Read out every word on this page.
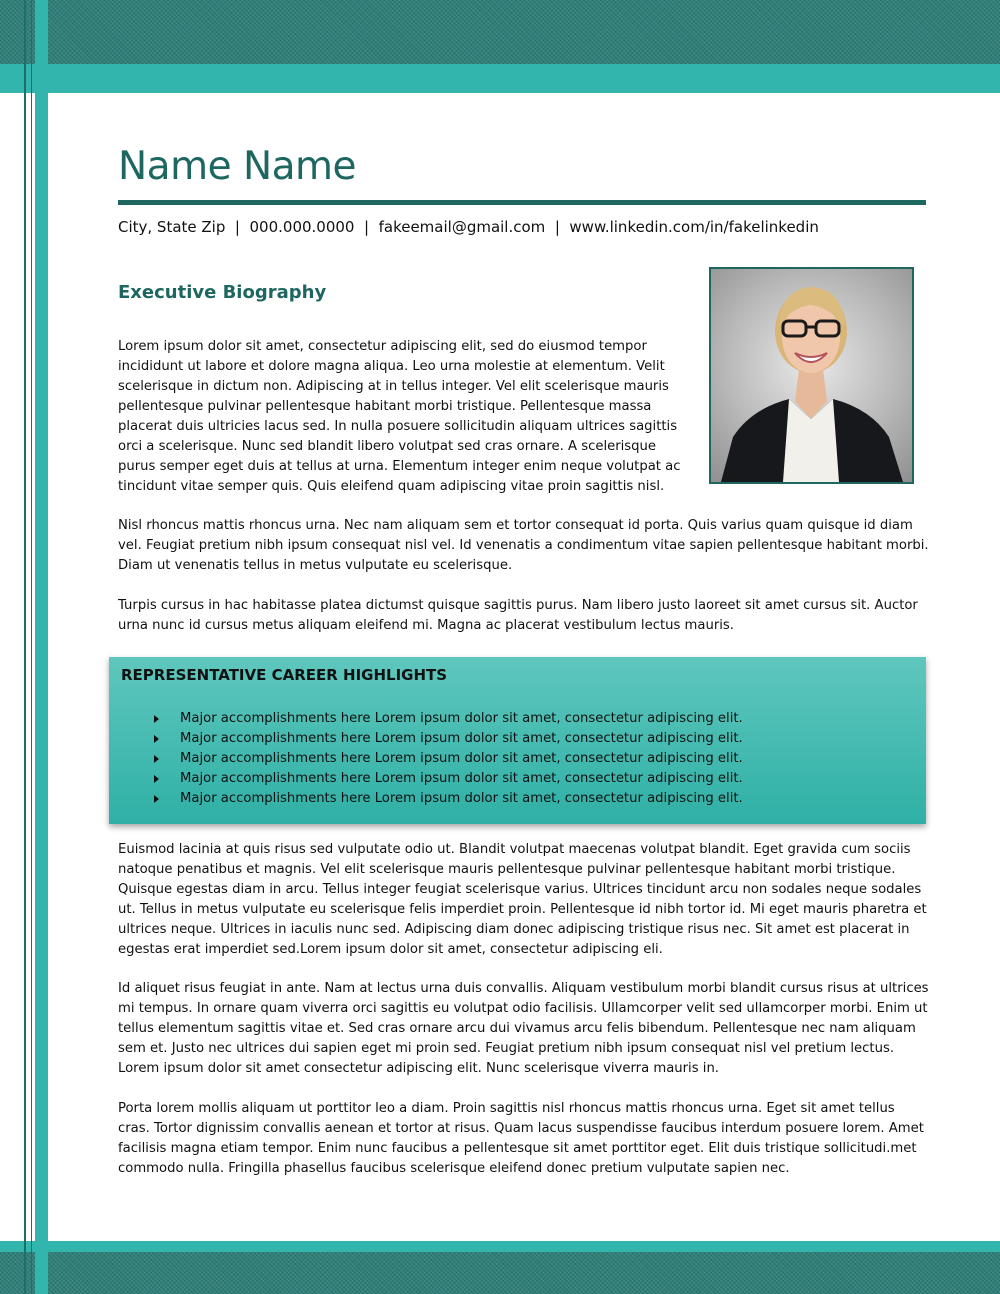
Name Name
City, State Zip  |  000.000.0000  |  fakeemail@gmail.com  |  www.linkedin.com/in/fakelinkedin
Executive Biography

Lorem ipsum dolor sit amet, consectetur adipiscing elit, sed do eiusmod tempor incididunt ut labore et dolore magna aliqua. Leo urna molestie at elementum. Velit scelerisque in dictum non. Adipiscing at in tellus integer. Vel elit scelerisque mauris pellentesque pulvinar pellentesque habitant morbi tristique. Pellentesque massa placerat duis ultricies lacus sed. In nulla posuere sollicitudin aliquam ultrices sagittis orci a scelerisque. Nunc sed blandit libero volutpat sed cras ornare. A scelerisque purus semper eget duis at tellus at urna. Elementum integer enim neque volutpat ac tincidunt vitae semper quis. Quis eleifend quam adipiscing vitae proin sagittis nisl.

Nisl rhoncus mattis rhoncus urna. Nec nam aliquam sem et tortor consequat id porta. Quis varius quam quisque id diam vel. Feugiat pretium nibh ipsum consequat nisl vel. Id venenatis a condimentum vitae sapien pellentesque habitant morbi. Diam ut venenatis tellus in metus vulputate eu scelerisque.

Turpis cursus in hac habitasse platea dictumst quisque sagittis purus. Nam libero justo laoreet sit amet cursus sit. Auctor urna nunc id cursus metus aliquam eleifend mi. Magna ac placerat vestibulum lectus mauris.

REPRESENTATIVE CAREER HIGHLIGHTS
Major accomplishments here Lorem ipsum dolor sit amet, consectetur adipiscing elit.
Major accomplishments here Lorem ipsum dolor sit amet, consectetur adipiscing elit.
Major accomplishments here Lorem ipsum dolor sit amet, consectetur adipiscing elit.
Major accomplishments here Lorem ipsum dolor sit amet, consectetur adipiscing elit.
Major accomplishments here Lorem ipsum dolor sit amet, consectetur adipiscing elit.

Euismod lacinia at quis risus sed vulputate odio ut. Blandit volutpat maecenas volutpat blandit. Eget gravida cum sociis natoque penatibus et magnis. Vel elit scelerisque mauris pellentesque pulvinar pellentesque habitant morbi tristique. Quisque egestas diam in arcu. Tellus integer feugiat scelerisque varius. Ultrices tincidunt arcu non sodales neque sodales ut. Tellus in metus vulputate eu scelerisque felis imperdiet proin. Pellentesque id nibh tortor id. Mi eget mauris pharetra et ultrices neque. Ultrices in iaculis nunc sed. Adipiscing diam donec adipiscing tristique risus nec. Sit amet est placerat in egestas erat imperdiet sed.Lorem ipsum dolor sit amet, consectetur adipiscing eli.

Id aliquet risus feugiat in ante. Nam at lectus urna duis convallis. Aliquam vestibulum morbi blandit cursus risus at ultrices mi tempus. In ornare quam viverra orci sagittis eu volutpat odio facilisis. Ullamcorper velit sed ullamcorper morbi. Enim ut tellus elementum sagittis vitae et. Sed cras ornare arcu dui vivamus arcu felis bibendum. Pellentesque nec nam aliquam sem et. Justo nec ultrices dui sapien eget mi proin sed. Feugiat pretium nibh ipsum consequat nisl vel pretium lectus. Lorem ipsum dolor sit amet consectetur adipiscing elit. Nunc scelerisque viverra mauris in.

Porta lorem mollis aliquam ut porttitor leo a diam. Proin sagittis nisl rhoncus mattis rhoncus urna. Eget sit amet tellus cras. Tortor dignissim convallis aenean et tortor at risus. Quam lacus suspendisse faucibus interdum posuere lorem. Amet facilisis magna etiam tempor. Enim nunc faucibus a pellentesque sit amet porttitor eget. Elit duis tristique sollicitudi.met commodo nulla. Fringilla phasellus faucibus scelerisque eleifend donec pretium vulputate sapien nec.
